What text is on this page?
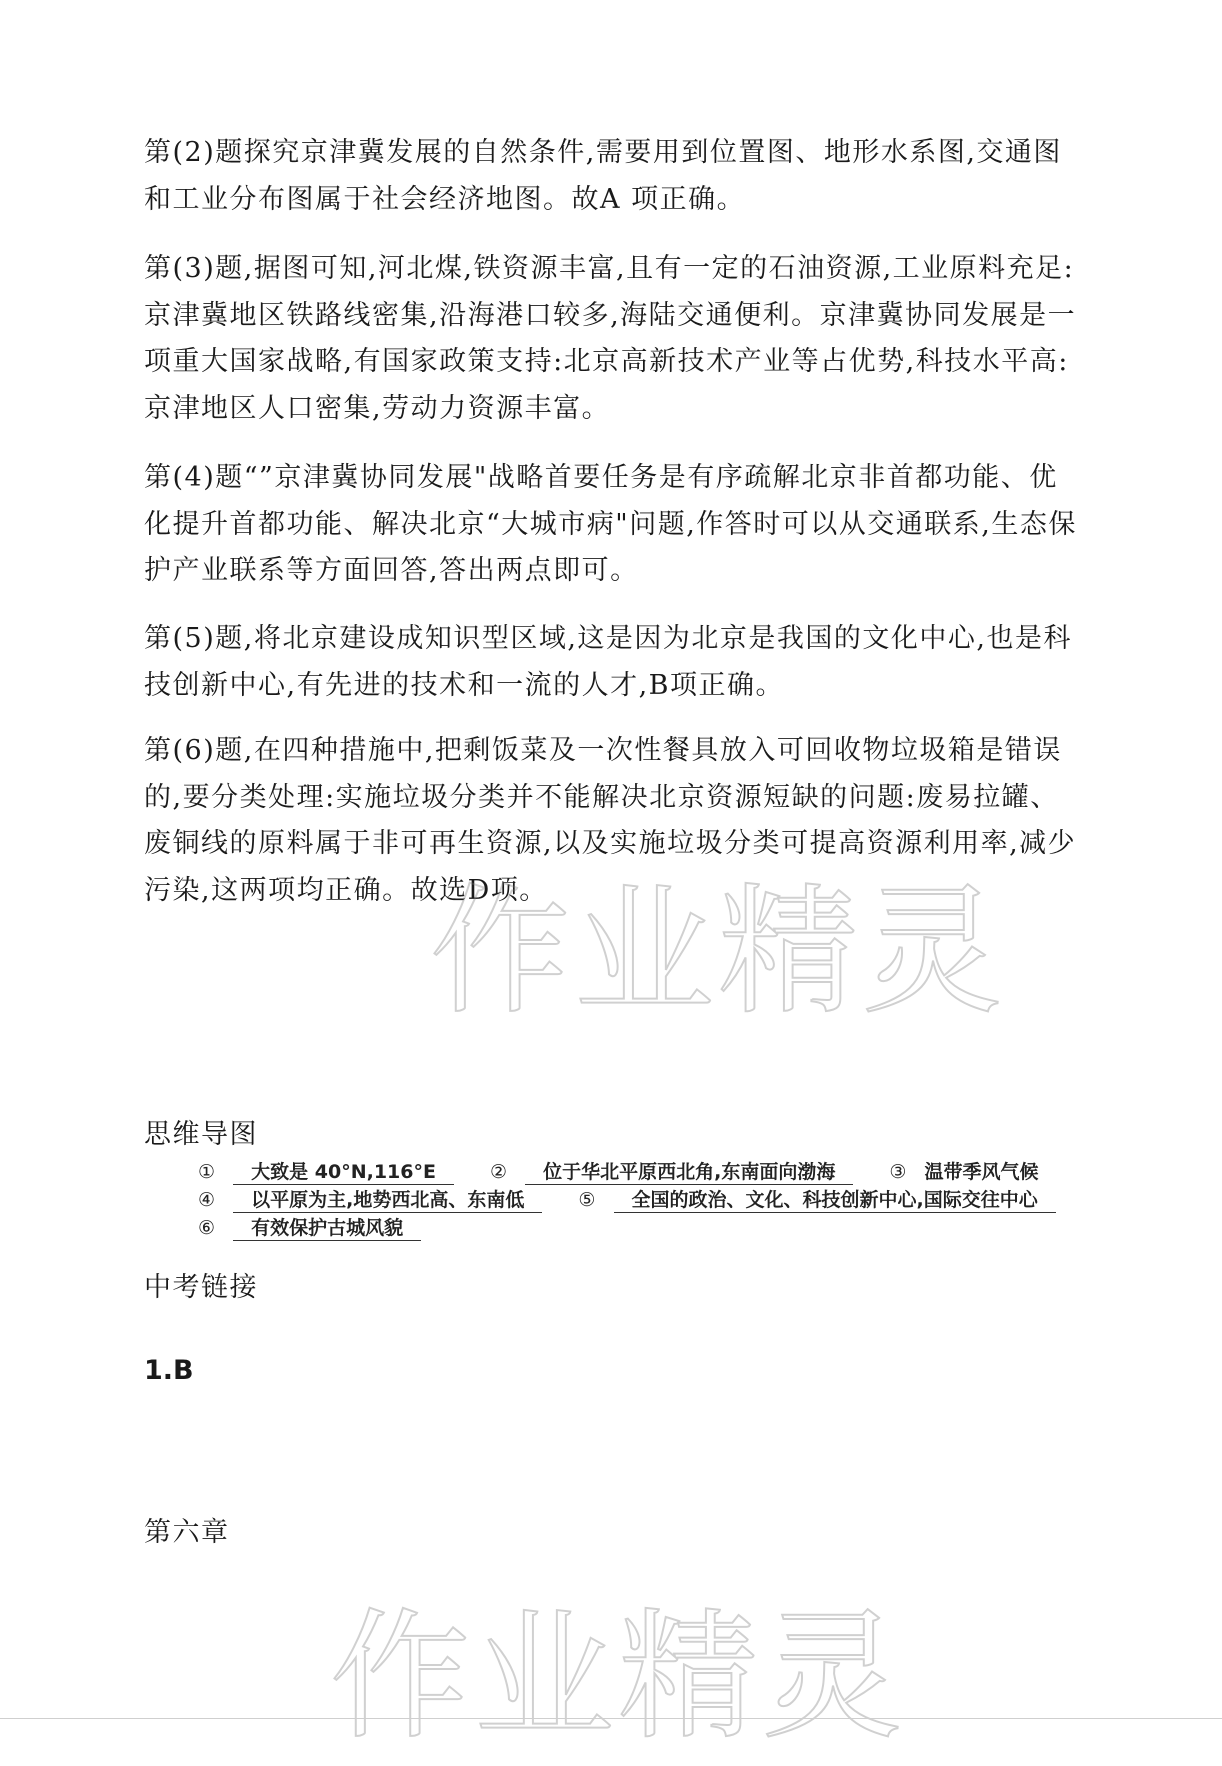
第(2)题探究京津冀发展的自然条件,需要用到位置图、地形水系图,交通图和工业分布图属于社会经济地图。故A 项正确。

第(3)题,据图可知,河北煤,铁资源丰富,且有一定的石油资源,工业原料充足:京津冀地区铁路线密集,沿海港口较多,海陆交通便利。京津冀协同发展是一项重大国家战略,有国家政策支持:北京高新技术产业等占优势,科技水平高:京津地区人口密集,劳动力资源丰富。

第(4)题“”京津冀协同发展"战略首要任务是有序疏解北京非首都功能、优化提升首都功能、解决北京“大城市病"问题,作答时可以从交通联系,生态保护产业联系等方面回答,答出两点即可。

第(5)题,将北京建设成知识型区域,这是因为北京是我国的文化中心,也是科技创新中心,有先进的技术和一流的人才,B项正确。

第(6)题,在四种措施中,把剩饭菜及一次性餐具放入可回收物垃圾箱是错误的,要分类处理:实施垃圾分类并不能解决北京资源短缺的问题:废易拉罐、废铜线的原料属于非可再生资源,以及实施垃圾分类可提高资源利用率,减少污染,这两项均正确。故选D项。

思维导图
① 大致是 40°N,116°E	② 位于华北平原西北角,东南面向渤海	③ 温带季风气候
④ 以平原为主,地势西北高、东南低	⑤ 全国的政治、文化、科技创新中心,国际交往中心
⑥ 有效保护古城风貌
中考链接
1.B
第六章
作业精灵
作业精灵
